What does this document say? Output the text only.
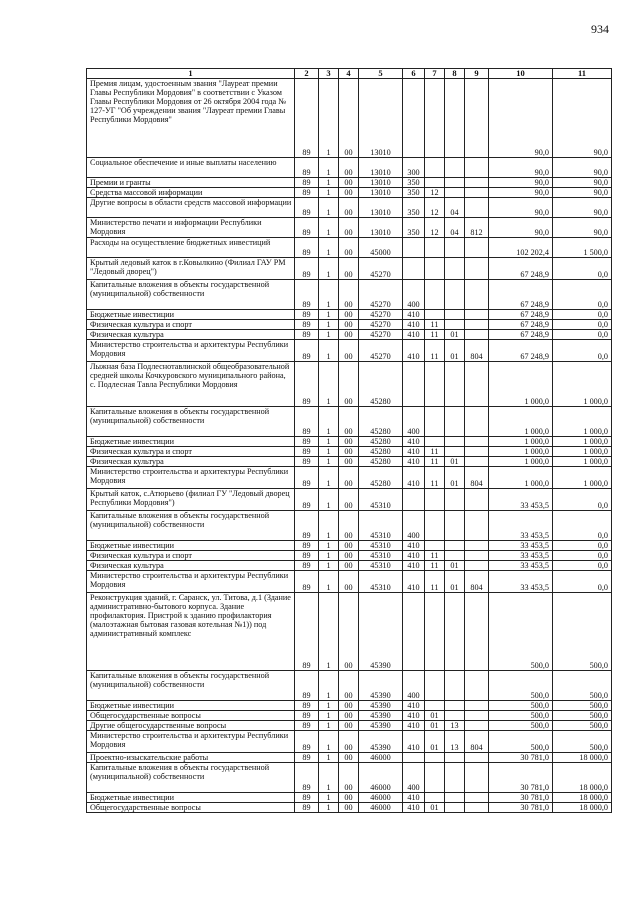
934
1	2	3	4	5	6	7	8	9	10	11
Премия лицам, удостоенным звания "Лауреат премии Главы Республики Мордовия" в соответствии с Указом Главы Республики Мордовия от 26 октября 2004 года № 127-УГ "Об учреждении звания "Лауреат премии Главы Республики Мордовия"	89	1	00	13010					90,0	90,0
Социальное обеспечение и иные выплаты населению	89	1	00	13010	300				90,0	90,0
Премии и гранты	89	1	00	13010	350				90,0	90,0
Средства массовой информации	89	1	00	13010	350	12			90,0	90,0
Другие вопросы в области средств массовой информации	89	1	00	13010	350	12	04		90,0	90,0
Министерство печати и информации Республики Мордовия	89	1	00	13010	350	12	04	812	90,0	90,0
Расходы на осуществление бюджетных инвестиций	89	1	00	45000					102 202,4	1 500,0
Крытый ледовый каток в г.Ковылкино (Филиал ГАУ РМ "Ледовый дворец")	89	1	00	45270					67 248,9	0,0
Капитальные вложения в объекты государственной (муниципальной) собственности	89	1	00	45270	400				67 248,9	0,0
Бюджетные инвестиции	89	1	00	45270	410				67 248,9	0,0
Физическая культура и спорт	89	1	00	45270	410	11			67 248,9	0,0
Физическая культура	89	1	00	45270	410	11	01		67 248,9	0,0
Министерство строительства и архитектуры Республики Мордовия	89	1	00	45270	410	11	01	804	67 248,9	0,0
Лыжная база Подлеснотавлинской общеобразовательной средней школы Кочкуровского муниципального района, с. Подлесная Тавла Республики Мордовия	89	1	00	45280					1 000,0	1 000,0
Капитальные вложения в объекты государственной (муниципальной) собственности	89	1	00	45280	400				1 000,0	1 000,0
Бюджетные инвестиции	89	1	00	45280	410				1 000,0	1 000,0
Физическая культура и спорт	89	1	00	45280	410	11			1 000,0	1 000,0
Физическая культура	89	1	00	45280	410	11	01		1 000,0	1 000,0
Министерство строительства и архитектуры Республики Мордовия	89	1	00	45280	410	11	01	804	1 000,0	1 000,0
Крытый каток, с.Атюрьево (филиал ГУ "Ледовый дворец Республики Мордовия")	89	1	00	45310					33 453,5	0,0
Капитальные вложения в объекты государственной (муниципальной) собственности	89	1	00	45310	400				33 453,5	0,0
Бюджетные инвестиции	89	1	00	45310	410				33 453,5	0,0
Физическая культура и спорт	89	1	00	45310	410	11			33 453,5	0,0
Физическая культура	89	1	00	45310	410	11	01		33 453,5	0,0
Министерство строительства и архитектуры Республики Мордовия	89	1	00	45310	410	11	01	804	33 453,5	0,0
Реконструкция зданий, г. Саранск, ул. Титова, д.1 (Здание административно-бытового корпуса. Здание профилактория. Пристрой к зданию профилактория (малоэтажная бытовая газовая котельная №1)) под административный комплекс	89	1	00	45390					500,0	500,0
Капитальные вложения в объекты государственной (муниципальной) собственности	89	1	00	45390	400				500,0	500,0
Бюджетные инвестиции	89	1	00	45390	410				500,0	500,0
Общегосударственные вопросы	89	1	00	45390	410	01			500,0	500,0
Другие общегосударственные вопросы	89	1	00	45390	410	01	13		500,0	500,0
Министерство строительства и архитектуры Республики Мордовия	89	1	00	45390	410	01	13	804	500,0	500,0
Проектно-изыскательские работы	89	1	00	46000					30 781,0	18 000,0
Капитальные вложения в объекты государственной (муниципальной) собственности	89	1	00	46000	400				30 781,0	18 000,0
Бюджетные инвестиции	89	1	00	46000	410				30 781,0	18 000,0
Общегосударственные вопросы	89	1	00	46000	410	01			30 781,0	18 000,0
